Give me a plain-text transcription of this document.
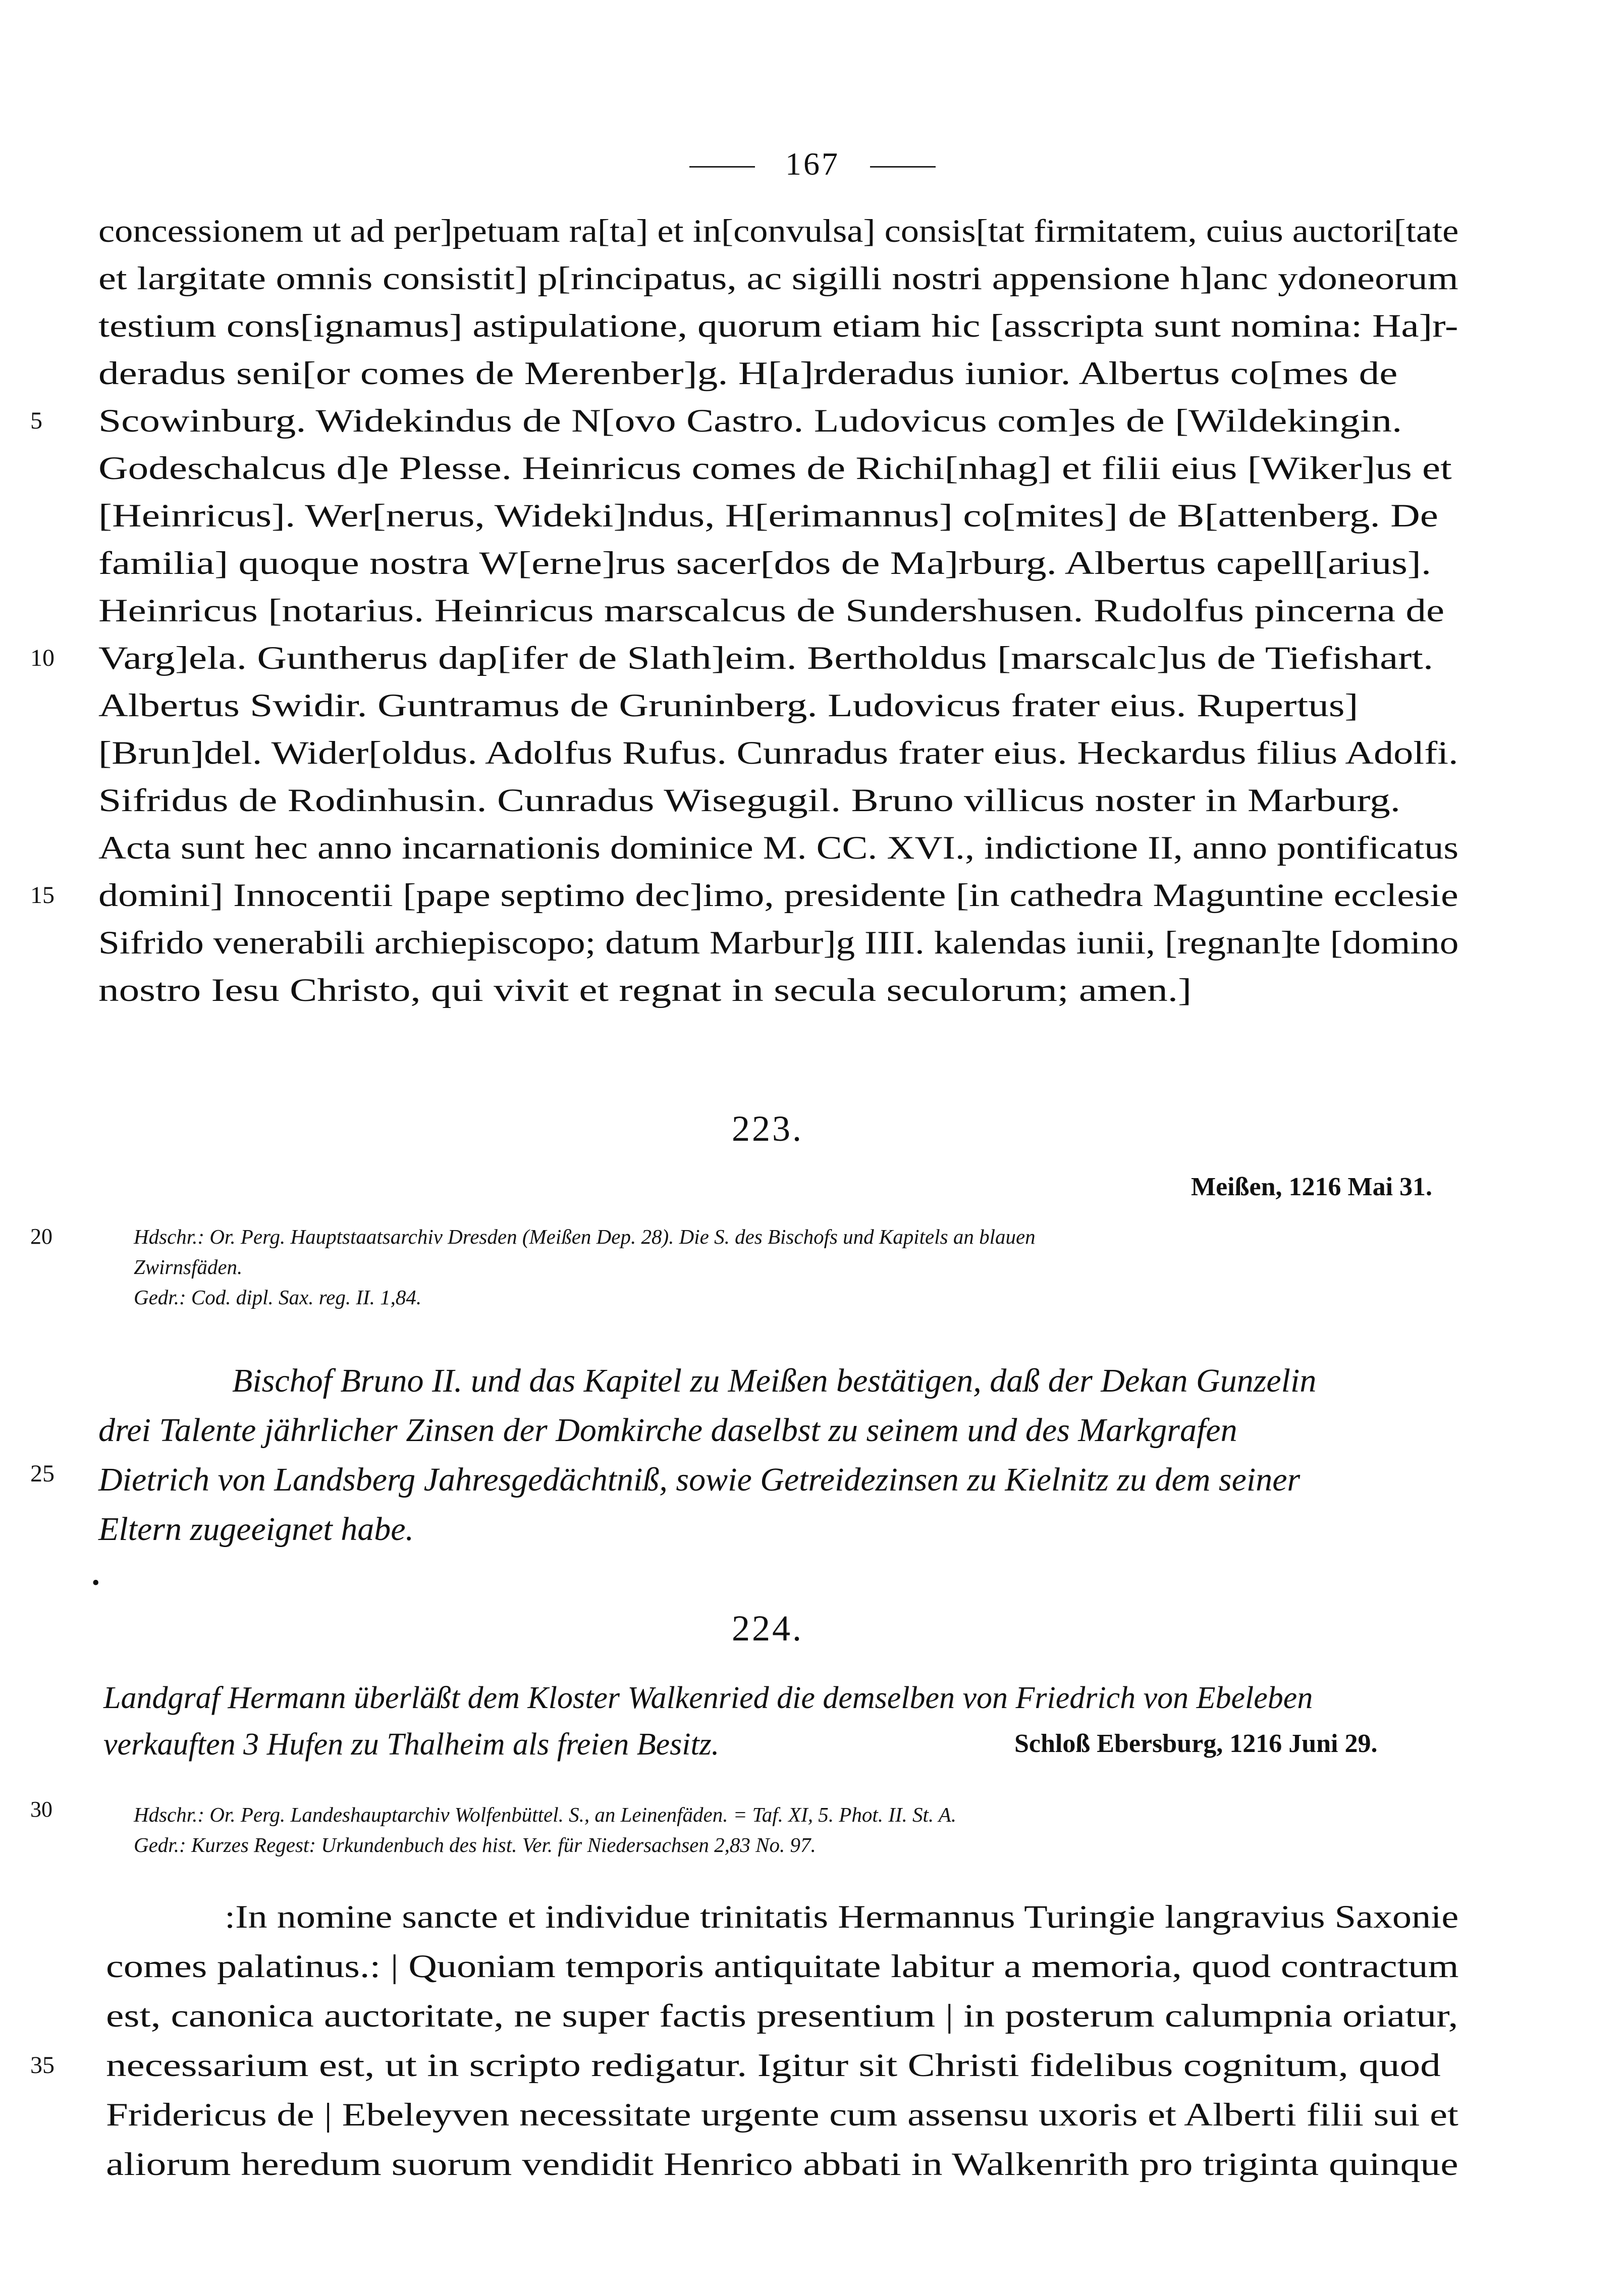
167
concessionem ut ad per]petuam ra[ta] et in[convulsa] consis[tat firmitatem, cuius auctori[tate
et largitate omnis consistit] p[rincipatus, ac sigilli nostri appensione h]anc ydoneorum
testium cons[ignamus] astipulatione, quorum etiam hic [asscripta sunt nomina: Ha]r-
deradus seni[or comes de Merenber]g. H[a]rderadus iunior. Albertus co[mes de
5	Scowinburg. Widekindus de N[ovo Castro. Ludovicus com]es de [Wildekingin.
Godeschalcus d]e Plesse. Heinricus comes de Richi[nhag] et filii eius [Wiker]us et
[Heinricus]. Wer[nerus, Wideki]ndus, H[erimannus] co[mites] de B[attenberg. De
familia] quoque nostra W[erne]rus sacer[dos de Ma]rburg. Albertus capell[arius].
Heinricus [notarius. Heinricus marscalcus de Sundershusen. Rudolfus pincerna de
10	Varg]ela. Guntherus dap[ifer de Slath]eim. Bertholdus [marscalc]us de Tiefishart.
Albertus Swidir. Guntramus de Gruninberg. Ludovicus frater eius. Rupertus]
[Brun]del. Wider[oldus. Adolfus Rufus. Cunradus frater eius. Heckardus filius Adolfi.
Sifridus de Rodinhusin. Cunradus Wisegugil. Bruno villicus noster in Marburg.
Acta sunt hec anno incarnationis dominice M. CC. XVI., indictione II, anno pontificatus
15	domini] Innocentii [pape septimo dec]imo, presidente [in cathedra Maguntine ecclesie
Sifrido venerabili archiepiscopo; datum Marbur]g IIII. kalendas iunii, [regnan]te [domino
nostro Iesu Christo, qui vivit et regnat in secula seculorum; amen.]
223.
Meißen, 1216 Mai 31.
20	Hdschr.: Or. Perg. Hauptstaatsarchiv Dresden (Meißen Dep. 28). Die S. des Bischofs und Kapitels an blauen
Zwirnsfäden.
Gedr.: Cod. dipl. Sax. reg. II. 1,84.
Bischof Bruno II. und das Kapitel zu Meißen bestätigen, daß der Dekan Gunzelin
drei Talente jährlicher Zinsen der Domkirche daselbst zu seinem und des Markgrafen
25	Dietrich von Landsberg Jahresgedächtniß, sowie Getreidezinsen zu Kielnitz zu dem seiner
Eltern zugeeignet habe.
•
224.
Landgraf Hermann überläßt dem Kloster Walkenried die demselben von Friedrich von Ebeleben
verkauften 3 Hufen zu Thalheim als freien Besitz.	Schloß Ebersburg, 1216 Juni 29.
30	Hdschr.: Or. Perg. Landeshauptarchiv Wolfenbüttel. S., an Leinenfäden. = Taf. XI, 5. Phot. II. St. A.
Gedr.: Kurzes Regest: Urkundenbuch des hist. Ver. für Niedersachsen 2,83 No. 97.
:In nomine sancte et individue trinitatis Hermannus Turingie langravius Saxonie
comes palatinus.: | Quoniam temporis antiquitate labitur a memoria, quod contractum
est, canonica auctoritate, ne super factis presentium | in posterum calumpnia oriatur,
35	necessarium est, ut in scripto redigatur. Igitur sit Christi fidelibus cognitum, quod
Fridericus de | Ebeleyven necessitate urgente cum assensu uxoris et Alberti filii sui et
aliorum heredum suorum vendidit Henrico abbati in Walkenrith pro triginta quinque
